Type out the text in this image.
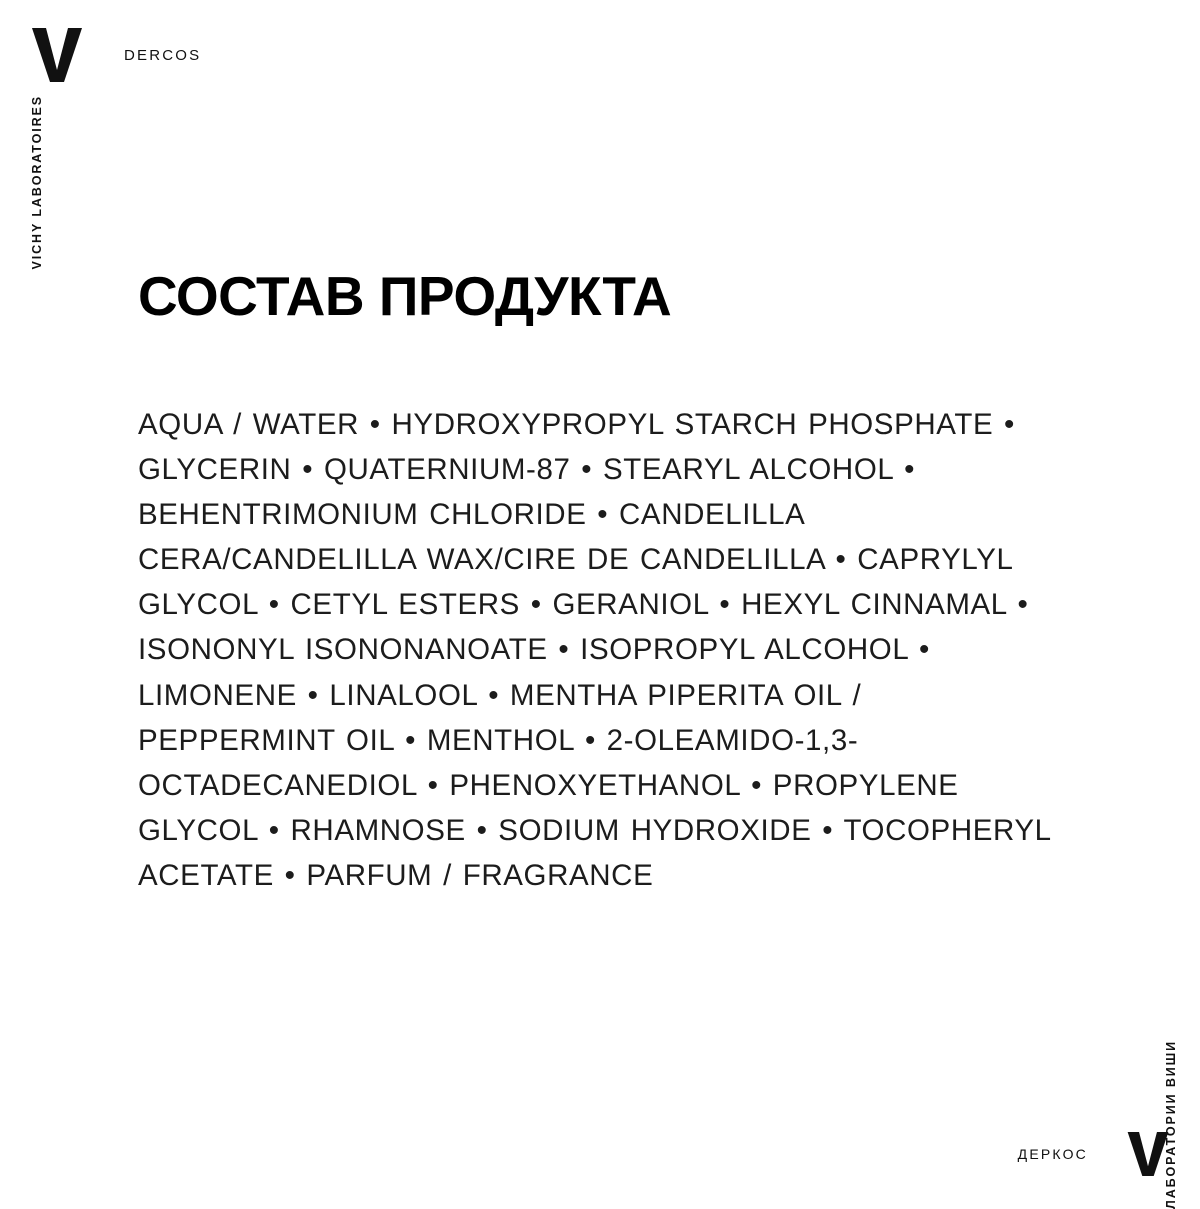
DERCOS
VICHY LABORATOIRES
СОСТАВ ПРОДУКТА
AQUA / WATER • HYDROXYPROPYL STARCH PHOSPHATE • GLYCERIN • QUATERNIUM-87 • STEARYL ALCOHOL • BEHENTRIMONIUM CHLORIDE • CANDELILLA CERA/CANDELILLA WAX/CIRE DE CANDELILLA • CAPRYLYL GLYCOL • CETYL ESTERS • GERANIOL • HEXYL CINNAMAL • ISONONYL ISONONANOATE • ISOPROPYL ALCOHOL • LIMONENE • LINALOOL • MENTHA PIPERITA OIL / PEPPERMINT OIL • MENTHOL • 2-OLEAMIDO-1,3-OCTADECANEDIOL • PHENOXYETHANOL • PROPYLENE GLYCOL • RHAMNOSE • SODIUM HYDROXIDE • TOCOPHERYL ACETATE • PARFUM / FRAGRANCE
ЛАБОРАТОРИИ ВИШИ
ДЕРКОС
